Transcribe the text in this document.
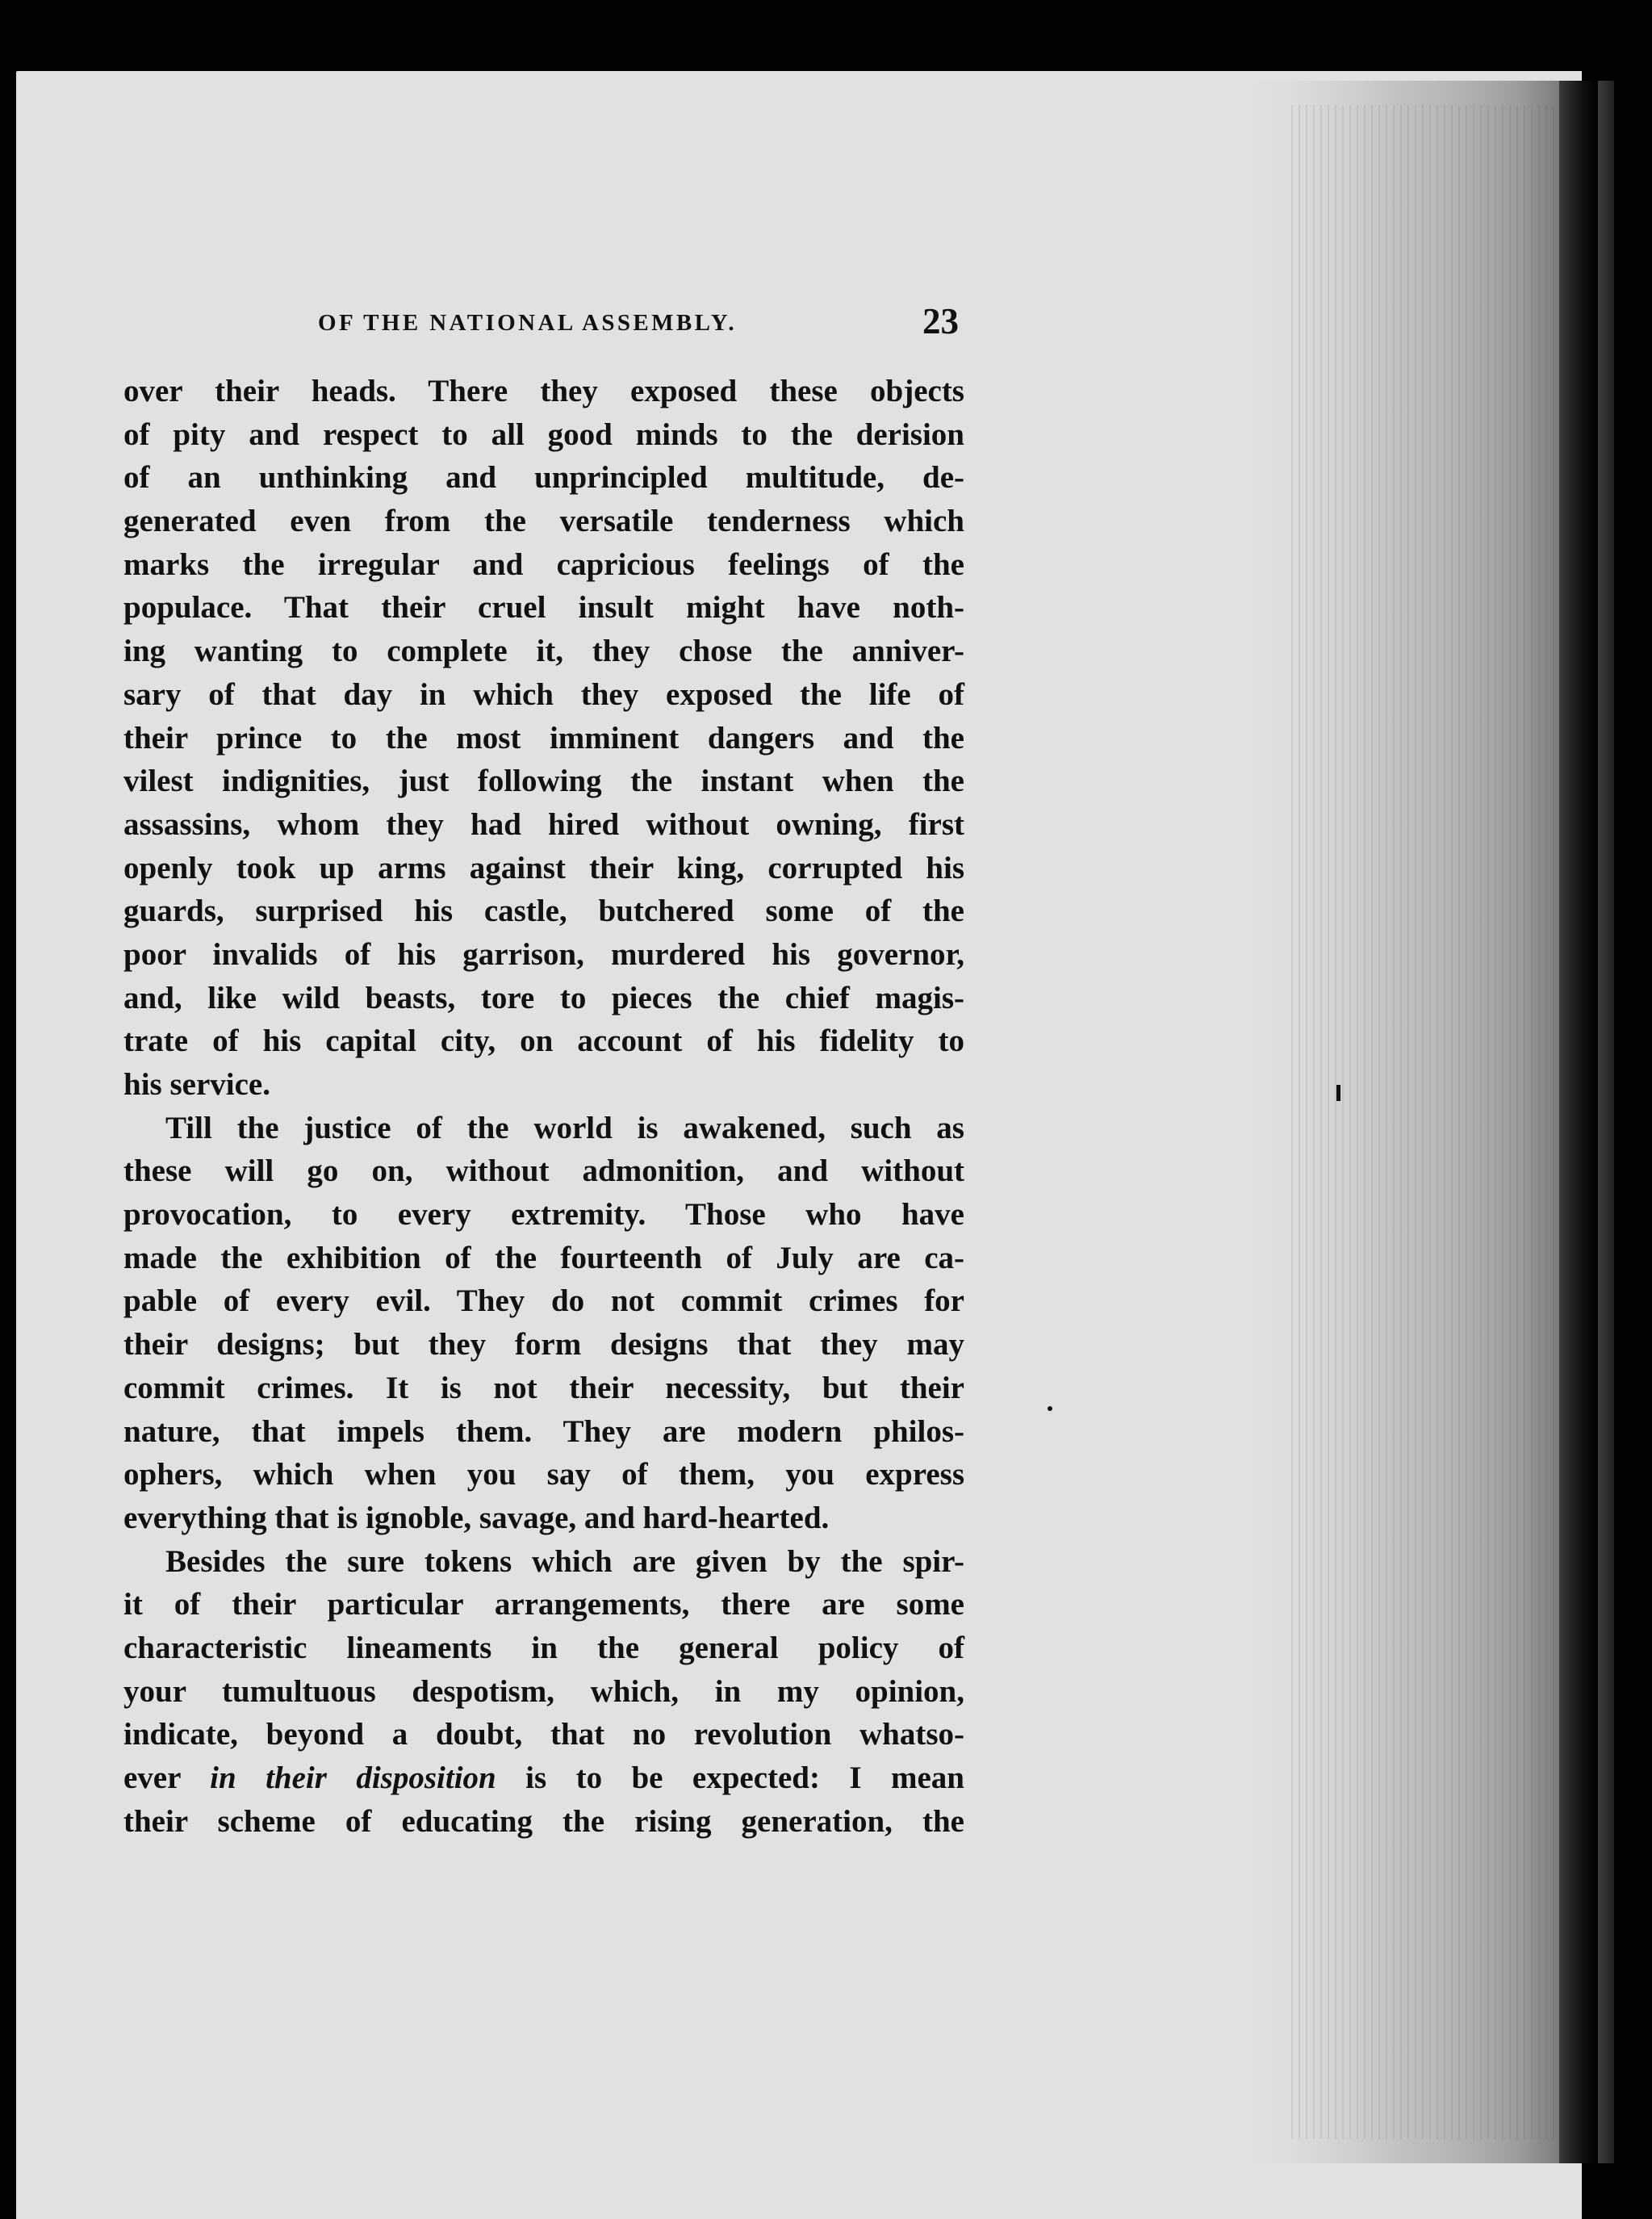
OF THE NATIONAL ASSEMBLY.	23
over their heads. There they exposed these objects
of pity and respect to all good minds to the derision
of an unthinking and unprincipled multitude, de-
generated even from the versatile tenderness which
marks the irregular and capricious feelings of the
populace. That their cruel insult might have noth-
ing wanting to complete it, they chose the anniver-
sary of that day in which they exposed the life of
their prince to the most imminent dangers and the
vilest indignities, just following the instant when the
assassins, whom they had hired without owning, first
openly took up arms against their king, corrupted his
guards, surprised his castle, butchered some of the
poor invalids of his garrison, murdered his governor,
and, like wild beasts, tore to pieces the chief magis-
trate of his capital city, on account of his fidelity to
his service.
Till the justice of the world is awakened, such as
these will go on, without admonition, and without
provocation, to every extremity. Those who have
made the exhibition of the fourteenth of July are ca-
pable of every evil. They do not commit crimes for
their designs; but they form designs that they may
commit crimes. It is not their necessity, but their
nature, that impels them. They are modern philos-
ophers, which when you say of them, you express
everything that is ignoble, savage, and hard-hearted.
Besides the sure tokens which are given by the spir-
it of their particular arrangements, there are some
characteristic lineaments in the general policy of
your tumultuous despotism, which, in my opinion,
indicate, beyond a doubt, that no revolution whatso-
ever in their disposition is to be expected: I mean
their scheme of educating the rising generation, the
